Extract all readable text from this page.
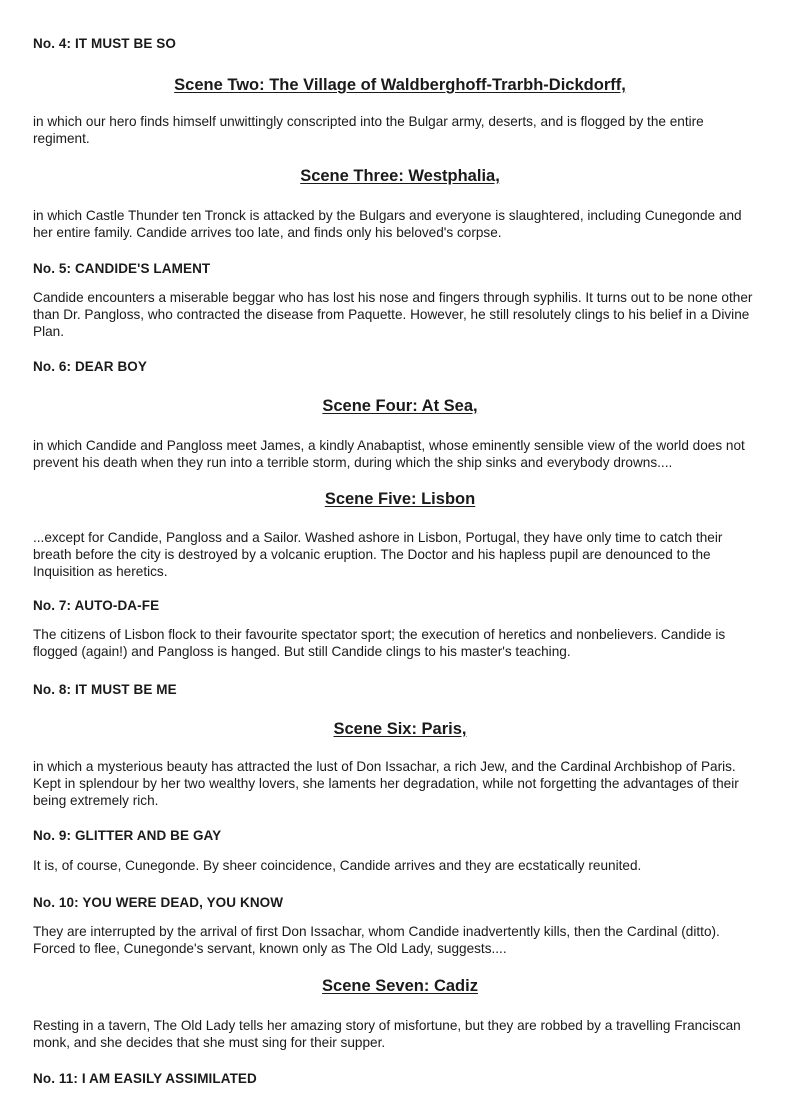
No. 4: IT MUST BE SO
Scene Two: The Village of Waldberghoff-Trarbh-Dickdorff,
in which our hero finds himself unwittingly conscripted into the Bulgar army, deserts, and is flogged by the entire regiment.
Scene Three: Westphalia,
in which Castle Thunder ten Tronck is attacked by the Bulgars and everyone is slaughtered, including Cunegonde and her entire family. Candide arrives too late, and finds only his beloved's corpse.
No. 5: CANDIDE'S LAMENT
Candide encounters a miserable beggar who has lost his nose and fingers through syphilis. It turns out to be none other than Dr. Pangloss, who contracted the disease from Paquette. However, he still resolutely clings to his belief in a Divine Plan.
No. 6: DEAR BOY
Scene Four: At Sea,
in which Candide and Pangloss meet James, a kindly Anabaptist, whose eminently sensible view of the world does not prevent his death when they run into a terrible storm, during which the ship sinks and everybody drowns....
Scene Five: Lisbon
...except for Candide, Pangloss and a Sailor. Washed ashore in Lisbon, Portugal, they have only time to catch their breath before the city is destroyed by a volcanic eruption. The Doctor and his hapless pupil are denounced to the Inquisition as heretics.
No. 7: AUTO-DA-FE
The citizens of Lisbon flock to their favourite spectator sport; the execution of heretics and nonbelievers. Candide is flogged (again!) and Pangloss is hanged. But still Candide clings to his master's teaching.
No. 8: IT MUST BE ME
Scene Six: Paris,
in which a mysterious beauty has attracted the lust of Don Issachar, a rich Jew, and the Cardinal Archbishop of Paris. Kept in splendour by her two wealthy lovers, she laments her degradation, while not forgetting the advantages of their being extremely rich.
No. 9: GLITTER AND BE GAY
It is, of course, Cunegonde. By sheer coincidence, Candide arrives and they are ecstatically reunited.
No. 10: YOU WERE DEAD, YOU KNOW
They are interrupted by the arrival of first Don Issachar, whom Candide inadvertently kills, then the Cardinal (ditto). Forced to flee, Cunegonde's servant, known only as The Old Lady, suggests....
Scene Seven: Cadiz
Resting in a tavern, The Old Lady tells her amazing story of misfortune, but they are robbed by a travelling Franciscan monk, and she decides that she must sing for their supper.
No. 11: I AM EASILY ASSIMILATED
